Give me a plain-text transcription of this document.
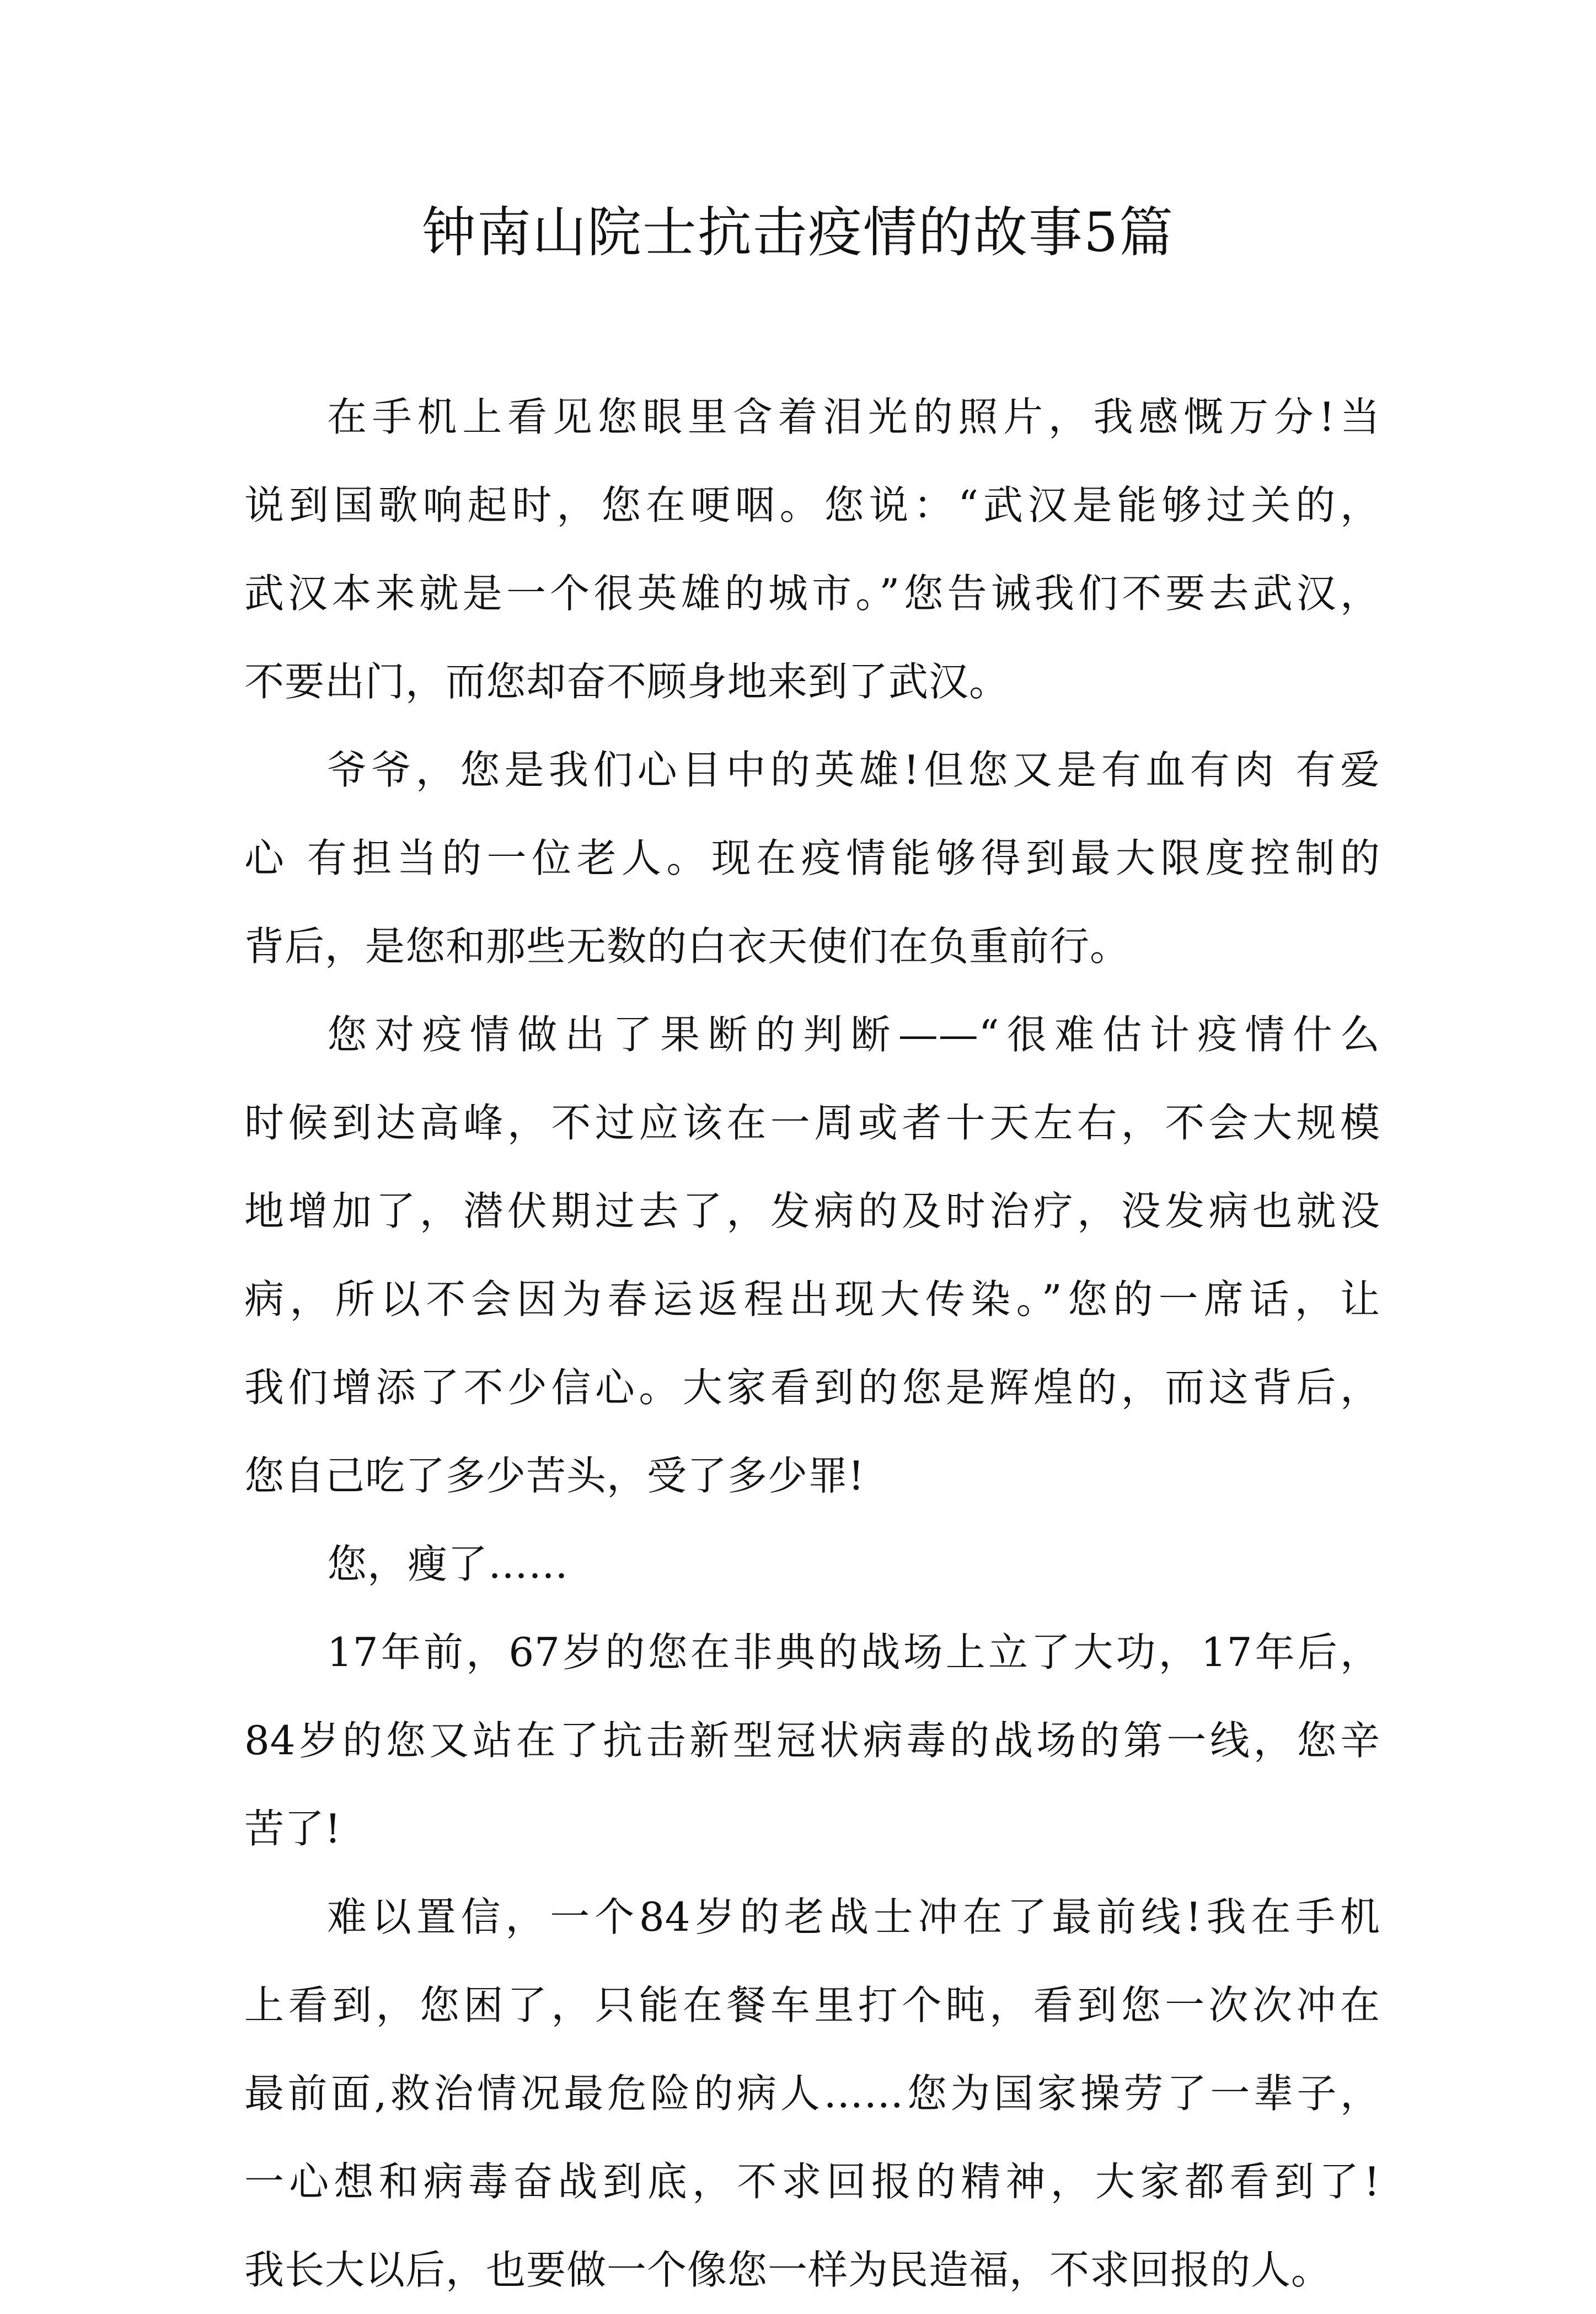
钟南山院士抗击疫情的故事5篇
在手机上看见您眼里含着泪光的照片，我感慨万分!当
说到国歌响起时，您在哽咽。您说：“武汉是能够过关的，
武汉本来就是一个很英雄的城市。”您告诫我们不要去武汉，
不要出门，而您却奋不顾身地来到了武汉。
爷爷，您是我们心目中的英雄!但您又是有血有肉 有爱
心 有担当的一位老人。现在疫情能够得到最大限度控制的
背后，是您和那些无数的白衣天使们在负重前行。
您对疫情做出了果断的判断——“很难估计疫情什么
时候到达高峰，不过应该在一周或者十天左右，不会大规模
地增加了，潜伏期过去了，发病的及时治疗，没发病也就没
病，所以不会因为春运返程出现大传染。”您的一席话，让
我们增添了不少信心。大家看到的您是辉煌的，而这背后，
您自己吃了多少苦头，受了多少罪!
您，瘦了……
17年前，67岁的您在非典的战场上立了大功，17年后，
84岁的您又站在了抗击新型冠状病毒的战场的第一线，您辛
苦了!
难以置信，一个84岁的老战士冲在了最前线!我在手机
上看到，您困了，只能在餐车里打个盹，看到您一次次冲在
最前面,救治情况最危险的病人……您为国家操劳了一辈子，
一心想和病毒奋战到底，不求回报的精神，大家都看到了!
我长大以后，也要做一个像您一样为民造福，不求回报的人。
